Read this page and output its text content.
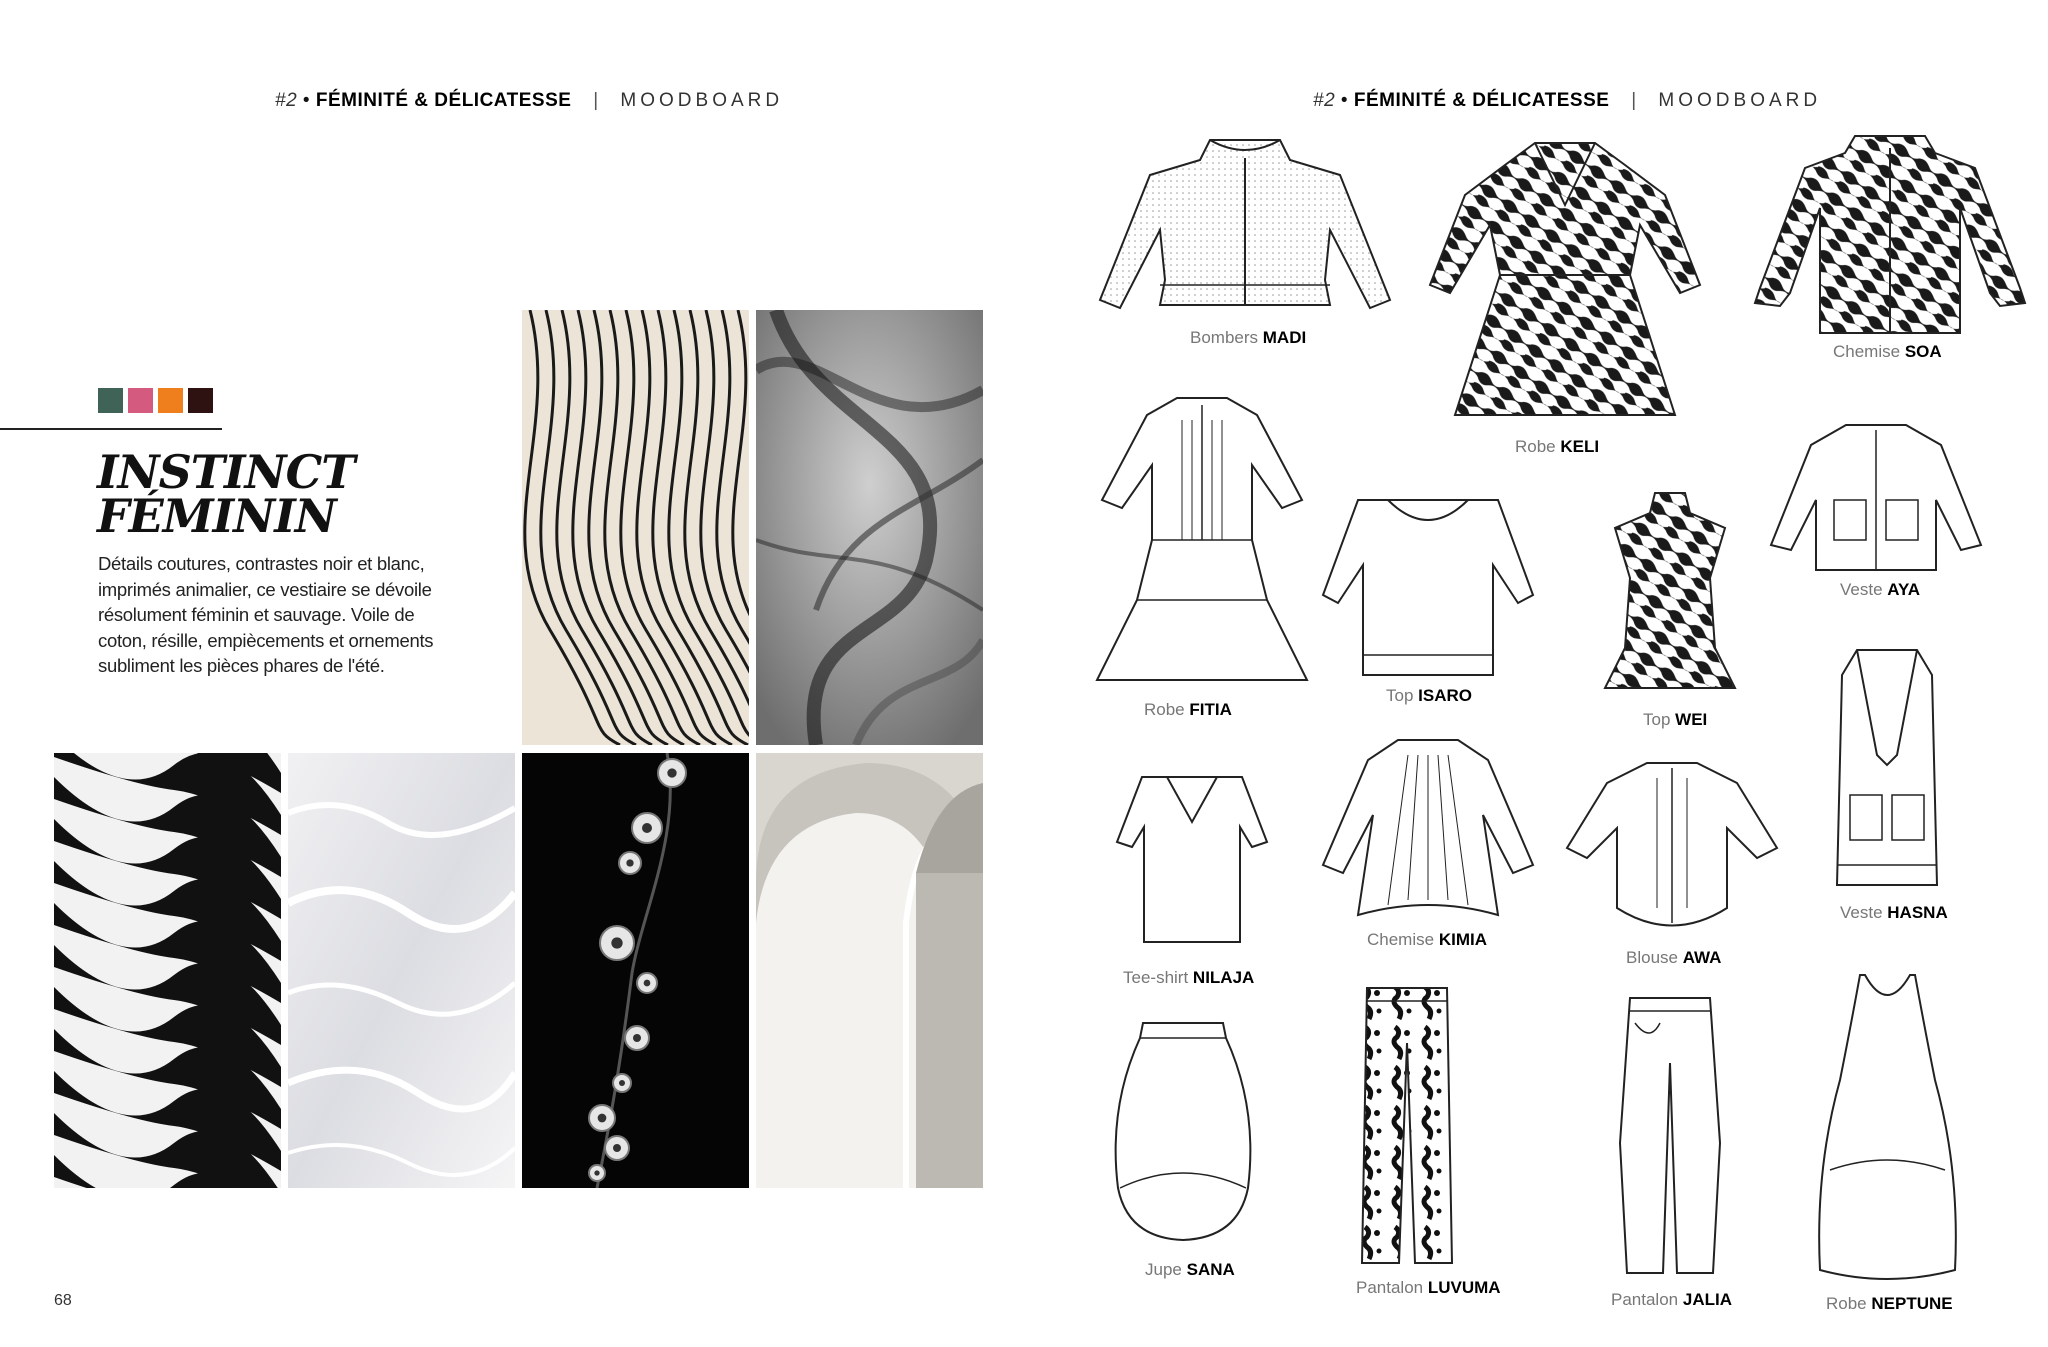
#2 • FÉMINITÉ & DÉLICATESSE | MOODBOARD
INSTINCT
FÉMININ

Détails coutures, contrastes noir et blanc, imprimés animalier, ce vestiaire se dévoile résolument féminin et sauvage. Voile de coton, résille, empiècements et ornements subliment les pièces phares de l'été.

68
#2 • FÉMINITÉ & DÉLICATESSE | MOODBOARD
Bombers MADI
Robe KELI
Chemise SOA
Robe FITIA
Top ISARO
Top WEI
Veste AYA
Tee-shirt NILAJA
Chemise KIMIA
Blouse AWA
Veste HASNA
Jupe SANA
Pantalon LUVUMA
Pantalon JALIA	Robe NEPTUNE
